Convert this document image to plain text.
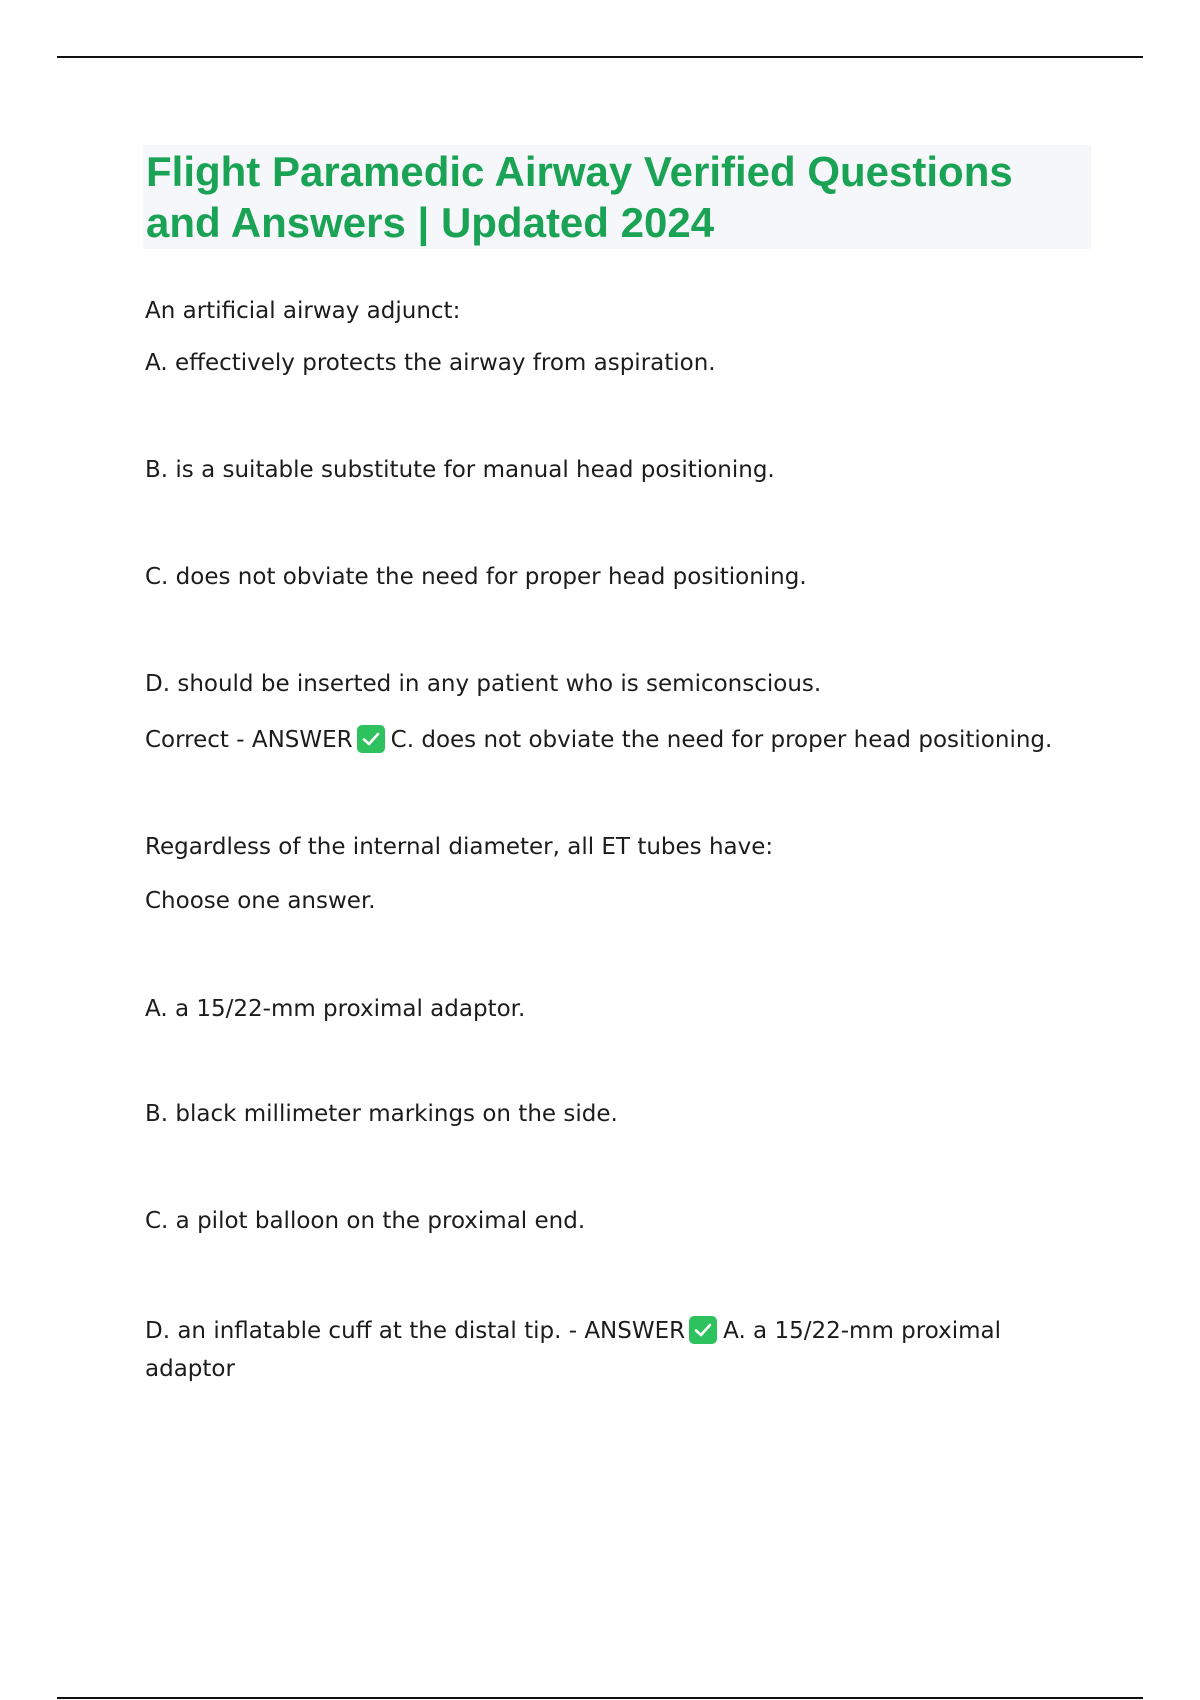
Flight Paramedic Airway Verified Questions and Answers | Updated 2024

An artificial airway adjunct:

A. effectively protects the airway from aspiration.

B. is a suitable substitute for manual head positioning.

C. does not obviate the need for proper head positioning.

D. should be inserted in any patient who is semiconscious.

Correct - ANSWER C. does not obviate the need for proper head positioning.

Regardless of the internal diameter, all ET tubes have:

Choose one answer.

A. a 15/22-mm proximal adaptor.

B. black millimeter markings on the side.

C. a pilot balloon on the proximal end.

D. an inflatable cuff at the distal tip. - ANSWER A. a 15/22-mm proximal adaptor
